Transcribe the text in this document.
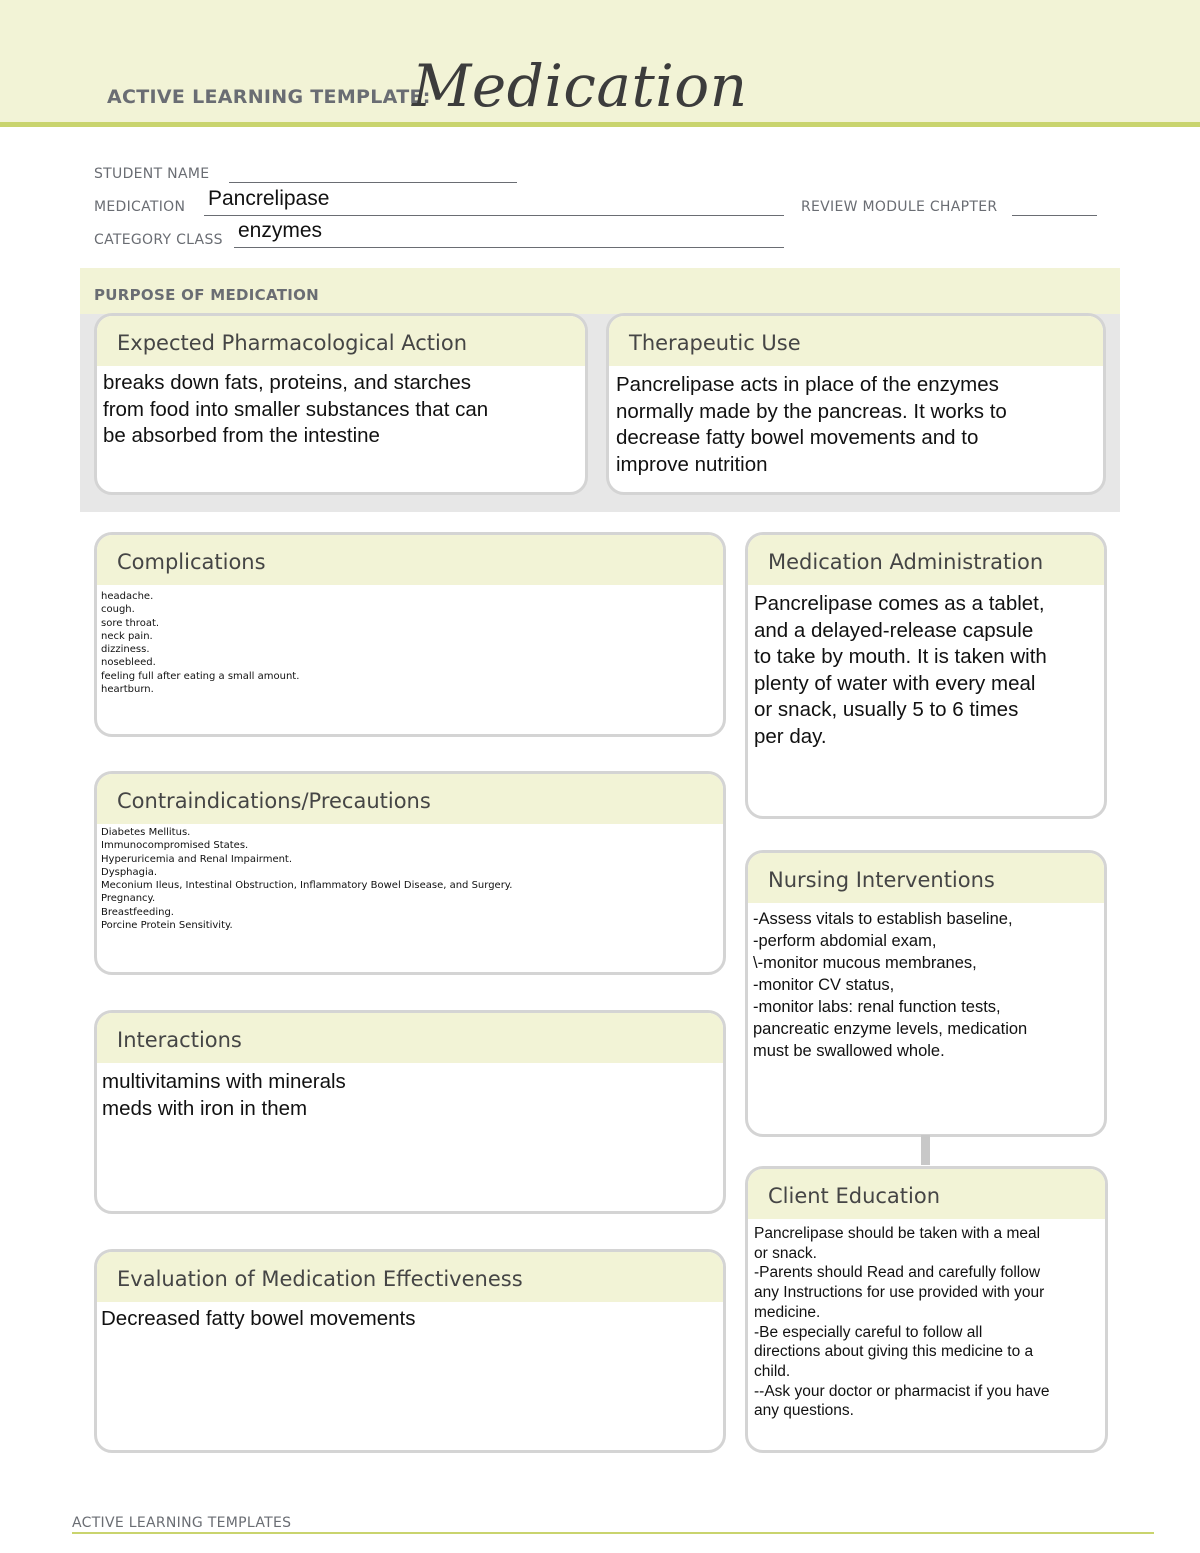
ACTIVE LEARNING TEMPLATE:
Medication
STUDENT NAME
MEDICATION Pancrelipase	REVIEW MODULE CHAPTER
CATEGORY CLASS enzymes
PURPOSE OF MEDICATION
Expected Pharmacological Action
breaks down fats, proteins, and starches
from food into smaller substances that can
be absorbed from the intestine
Therapeutic Use
Pancrelipase acts in place of the enzymes
normally made by the pancreas. It works to
decrease fatty bowel movements and to
improve nutrition
Complications
headache.
cough.
sore throat.
neck pain.
dizziness.
nosebleed.
feeling full after eating a small amount.
heartburn.
Contraindications/Precautions
Diabetes Mellitus.
Immunocompromised States.
Hyperuricemia and Renal Impairment.
Dysphagia.
Meconium Ileus, Intestinal Obstruction, Inflammatory Bowel Disease, and Surgery.
Pregnancy.
Breastfeeding.
Porcine Protein Sensitivity.
Interactions
multivitamins with minerals
meds with iron in them
Evaluation of Medication Effectiveness
Decreased fatty bowel movements
Medication Administration
Pancrelipase comes as a tablet,
and a delayed-release capsule
to take by mouth. It is taken with
plenty of water with every meal
or snack, usually 5 to 6 times
per day.
Nursing Interventions
-Assess vitals to establish baseline,
-perform abdomial exam,
\-monitor mucous membranes,
-monitor CV status,
-monitor labs: renal function tests,
pancreatic enzyme levels, medication
must be swallowed whole.
Client Education
Pancrelipase should be taken with a meal
or snack.
-Parents should Read and carefully follow
any Instructions for use provided with your
medicine.
-Be especially careful to follow all
directions about giving this medicine to a
child.
--Ask your doctor or pharmacist if you have
any questions.
ACTIVE LEARNING TEMPLATES
